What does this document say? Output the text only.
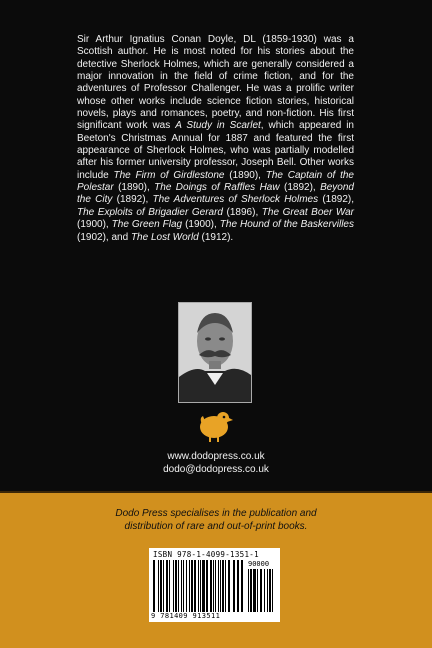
Sir Arthur Ignatius Conan Doyle, DL (1859-1930) was a Scottish author. He is most noted for his stories about the detective Sherlock Holmes, which are generally considered a major innovation in the field of crime fiction, and for the adventures of Professor Challenger. He was a prolific writer whose other works include science fiction stories, historical novels, plays and romances, poetry, and non-fiction. His first significant work was A Study in Scarlet, which appeared in Beeton's Christmas Annual for 1887 and featured the first appearance of Sherlock Holmes, who was partially modelled after his former university professor, Joseph Bell. Other works include The Firm of Girdlestone (1890), The Captain of the Polestar (1890), The Doings of Raffles Haw (1892), Beyond the City (1892), The Adventures of Sherlock Holmes (1892), The Exploits of Brigadier Gerard (1896), The Great Boer War (1900), The Green Flag (1900), The Hound of the Baskervilles (1902), and The Lost World (1912).

www.dodopress.co.uk
dodo@dodopress.co.uk
Dodo Press specialises in the publication and
distribution of rare and out-of-print books.
ISBN 978-1-4099-1351-1
90000
9 781409 913511
